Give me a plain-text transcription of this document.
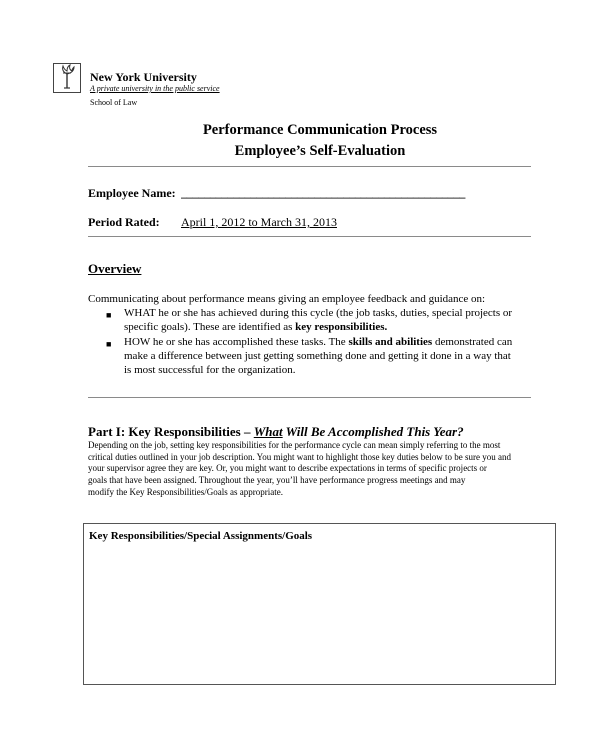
New York University
A private university in the public service
School of Law
Performance Communication Process
Employee’s Self-Evaluation
Employee Name: _________________________________________________
Period Rated: April 1, 2012 to March 31, 2013
Overview
Communicating about performance means giving an employee feedback and guidance on:
■ WHAT he or she has achieved during this cycle (the job tasks, duties, special projects or
specific goals). These are identified as key responsibilities.
■ HOW he or she has accomplished these tasks. The skills and abilities demonstrated can
make a difference between just getting something done and getting it done in a way that
is most successful for the organization.
Part I: Key Responsibilities – What Will Be Accomplished This Year?
Depending on the job, setting key responsibilities for the performance cycle can mean simply referring to the most
critical duties outlined in your job description. You might want to highlight those key duties below to be sure you and
your supervisor agree they are key. Or, you might want to describe expectations in terms of specific projects or
goals that have been assigned. Throughout the year, you’ll have performance progress meetings and may
modify the Key Responsibilities/Goals as appropriate.
Key Responsibilities/Special Assignments/Goals
